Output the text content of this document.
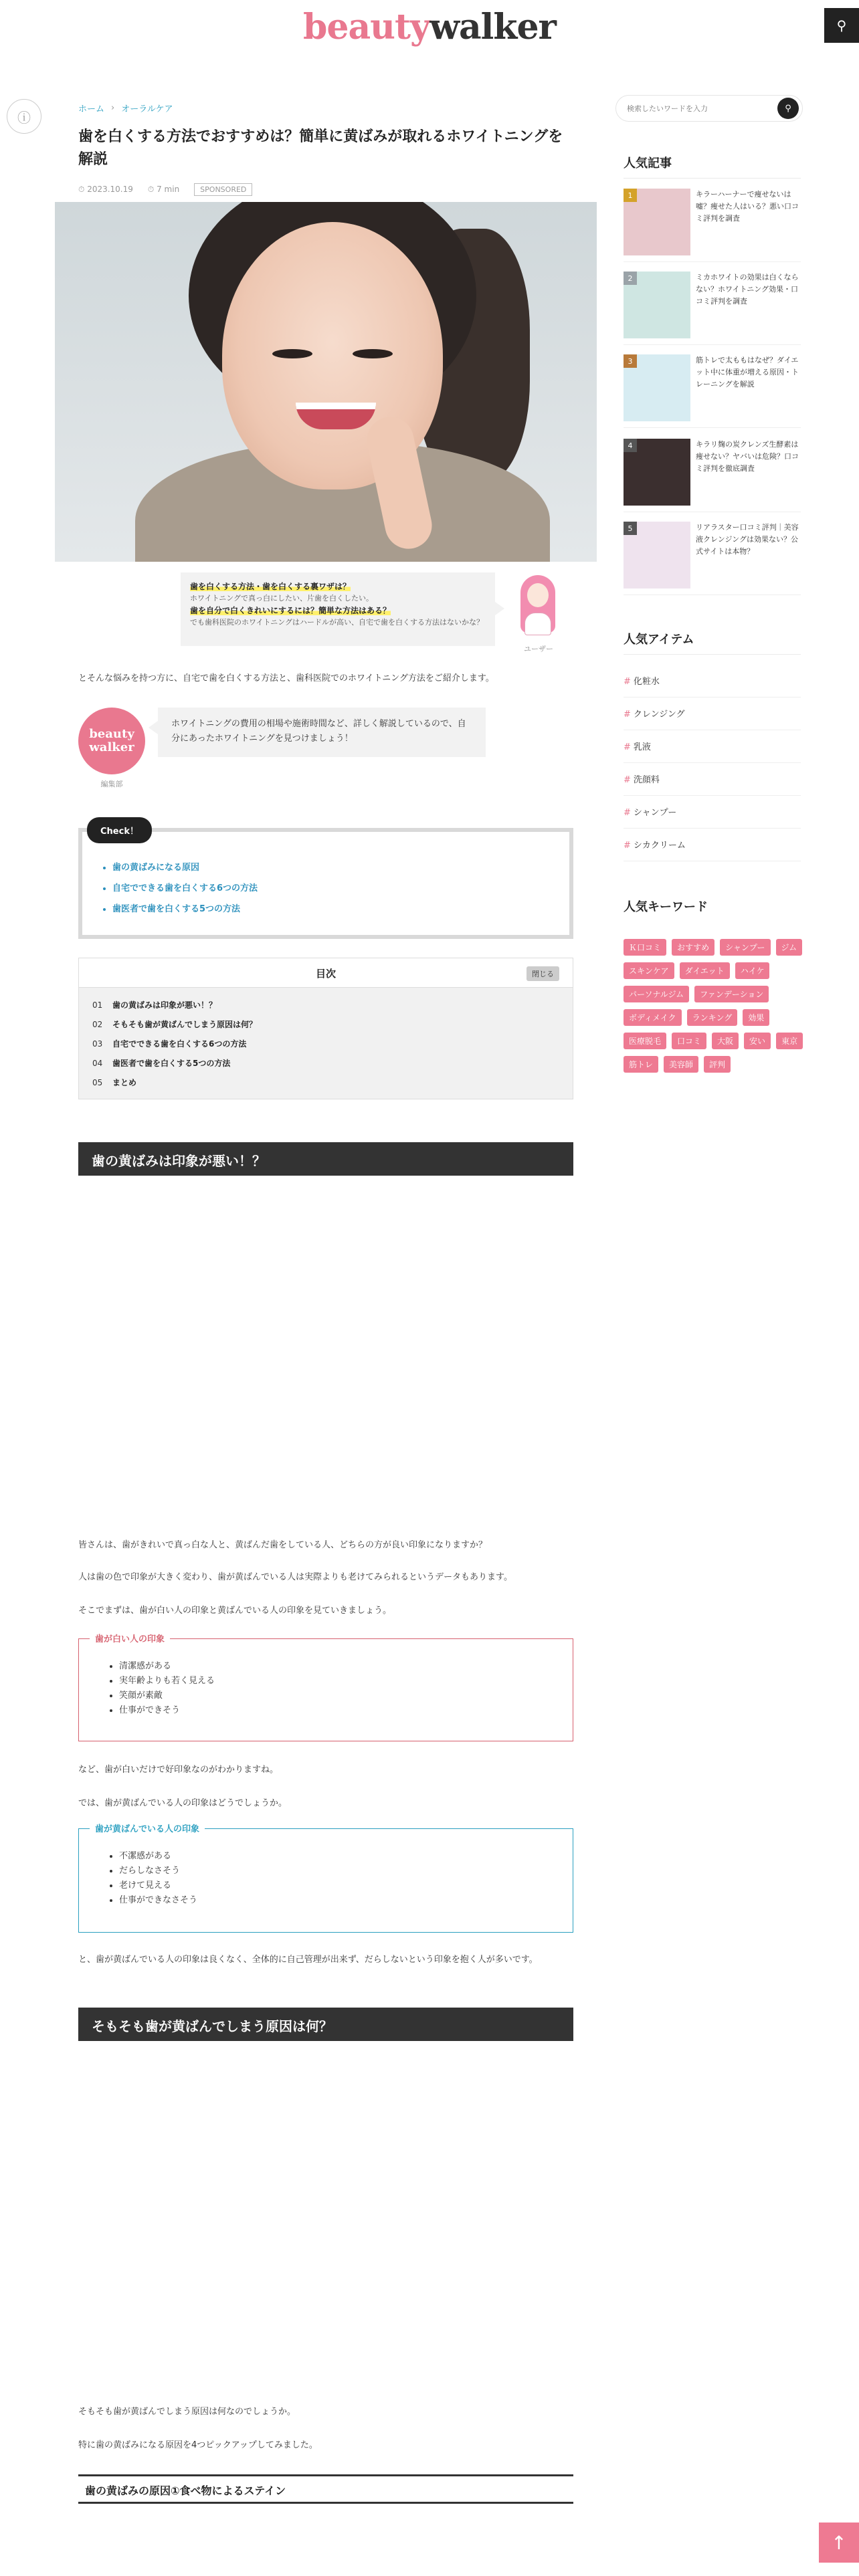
beautywalker	⚲
ⓘ	ホーム › オーラルケア
歯を白くする方法でおすすめは？簡単に黄ばみが取れるホワイトニングを解説
⏱ 2023.10.19 ⏱ 7 min	SPONSORED
歯を白くする方法・歯を白くする裏ワザは？
ホワイトニングで真っ白にしたい、片歯を白くしたい。
歯を自分で白くきれいにするには？簡単な方法はある？
でも歯科医院のホワイトニングはハードルが高い、自宅で歯を白くする方法はないかな？
ユーザー

とそんな悩みを持つ方に、自宅で歯を白くする方法と、歯科医院でのホワイトニング方法をご紹介します。

beauty
walker
編集部
ホワイトニングの費用の相場や施術時間など、詳しく解説しているので、自分にあったホワイトニングを見つけましょう！
Check！
• 歯の黄ばみになる原因
• 自宅でできる歯を白くする6つの方法
• 歯医者で歯を白くする5つの方法
目次	閉じる
01 歯の黄ばみは印象が悪い！？
02 そもそも歯が黄ばんでしまう原因は何？
03 自宅でできる歯を白くする6つの方法
04 歯医者で歯を白くする5つの方法
05 まとめ
歯の黄ばみは印象が悪い！？

皆さんは、歯がきれいで真っ白な人と、黄ばんだ歯をしている人、どちらの方が良い印象になりますか？

人は歯の色で印象が大きく変わり、歯が黄ばんでいる人は実際よりも老けてみられるというデータもあります。

そこでまずは、歯が白い人の印象と黄ばんでいる人の印象を見ていきましょう。

歯が白い人の印象
• 清潔感がある
• 実年齢よりも若く見える
• 笑顔が素敵
• 仕事ができそう

など、歯が白いだけで好印象なのがわかりますね。

では、歯が黄ばんでいる人の印象はどうでしょうか。

歯が黄ばんでいる人の印象
• 不潔感がある
• だらしなさそう
• 老けて見える
• 仕事ができなさそう

と、歯が黄ばんでいる人の印象は良くなく、全体的に自己管理が出来ず、だらしないという印象を抱く人が多いです。

そもそも歯が黄ばんでしまう原因は何？

そもそも歯が黄ばんでしまう原因は何なのでしょうか。

特に歯の黄ばみになる原因を4つピックアップしてみました。

歯の黄ばみの原因①食べ物によるステイン
検索したいワードを入力
⚲
人気記事
1	キラーハーナーで痩せないは嘘？痩せた人はいる？悪い口コミ評判を調査
2	ミカホワイトの効果は白くならない？ホワイトニング効果・口コミ評判を調査
3	筋トレで太ももはなぜ？ダイエット中に体重が増える原因・トレーニングを解説
4	キラリ麹の炭クレンズ生酵素は痩せない？ヤバいは危険？口コミ評判を徹底調査
5	リアラスター口コミ評判｜美容液クレンジングは効果ない？公式サイトは本物？
人気アイテム
# 化粧水
# クレンジング
# 乳液
# 洗顔料
# シャンプー
# シカクリーム
人気キーワード
Ｋ口コミ	おすすめ	シャンプー	ジム
スキンケア	ダイエット	ハイケ
パーソナルジム	ファンデーション
ボディメイク	ランキング	効果
医療脱毛	口コミ	大阪	安い	東京
筋トレ	美容師	評判
↑
